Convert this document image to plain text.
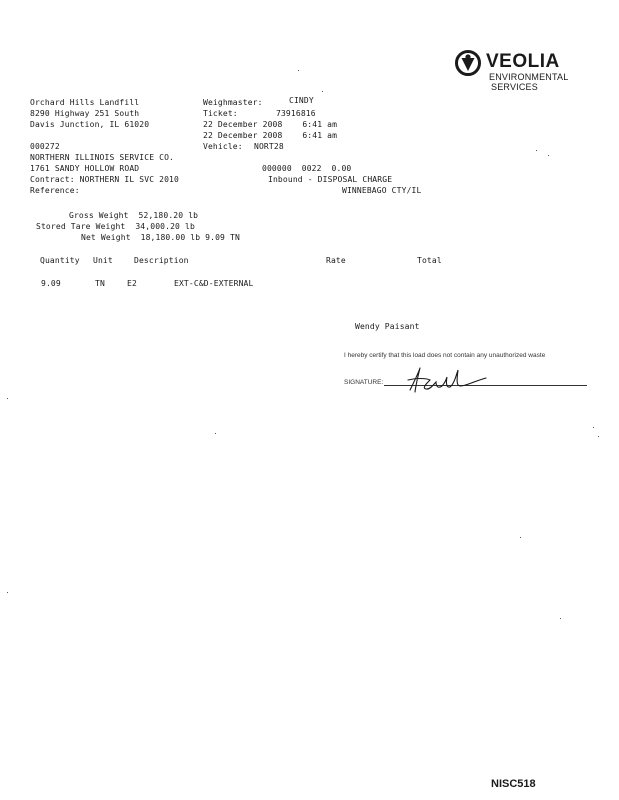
VEOLIA
ENVIRONMENTAL
SERVICES
Orchard Hills Landfill
8290 Highway 251 South
Davis Junction, IL 61020
Weighmaster:	CINDY
Ticket:	73916816
22 December 2008    6:41 am
22 December 2008    6:41 am
Vehicle: NORT28
000272
NORTHERN ILLINOIS SERVICE CO.
1761 SANDY HOLLOW ROAD
Contract: NORTHERN IL SVC 2010
Reference:
000000  0022  0.00
Inbound - DISPOSAL CHARGE
WINNEBAGO CTY/IL
Gross Weight  52,180.20 lb
Stored Tare Weight  34,000.20 lb
Net Weight  18,180.00 lb 9.09 TN
Quantity Unit	Description	Rate	Total
9.09	TN	E2	EXT-C&D-EXTERNAL
Wendy Paisant
I hereby certify that this load does not contain any unauthorized waste
SIGNATURE:
NISC518
